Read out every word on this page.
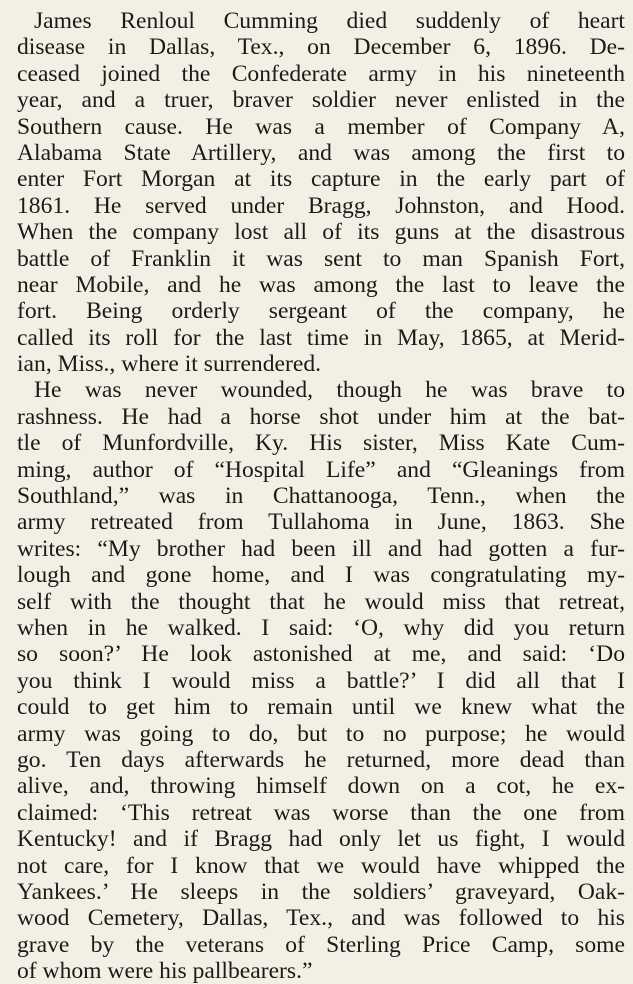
James Renloul Cumming died suddenly of heart
disease in Dallas, Tex., on December 6, 1896. De-
ceased joined the Confederate army in his nineteenth
year, and a truer, braver soldier never enlisted in the
Southern cause. He was a member of Company A,
Alabama State Artillery, and was among the first to
enter Fort Morgan at its capture in the early part of
1861. He served under Bragg, Johnston, and Hood.
When the company lost all of its guns at the disastrous
battle of Franklin it was sent to man Spanish Fort,
near Mobile, and he was among the last to leave the
fort. Being orderly sergeant of the company, he
called its roll for the last time in May, 1865, at Merid-
ian, Miss., where it surrendered.
He was never wounded, though he was brave to
rashness. He had a horse shot under him at the bat-
tle of Munfordville, Ky. His sister, Miss Kate Cum-
ming, author of “Hospital Life” and “Gleanings from
Southland,” was in Chattanooga, Tenn., when the
army retreated from Tullahoma in June, 1863. She
writes: “My brother had been ill and had gotten a fur-
lough and gone home, and I was congratulating my-
self with the thought that he would miss that retreat,
when in he walked. I said: ‘O, why did you return
so soon?’ He look astonished at me, and said: ‘Do
you think I would miss a battle?’ I did all that I
could to get him to remain until we knew what the
army was going to do, but to no purpose; he would
go. Ten days afterwards he returned, more dead than
alive, and, throwing himself down on a cot, he ex-
claimed: ‘This retreat was worse than the one from
Kentucky! and if Bragg had only let us fight, I would
not care, for I know that we would have whipped the
Yankees.’ He sleeps in the soldiers’ graveyard, Oak-
wood Cemetery, Dallas, Tex., and was followed to his
grave by the veterans of Sterling Price Camp, some
of whom were his pallbearers.”
